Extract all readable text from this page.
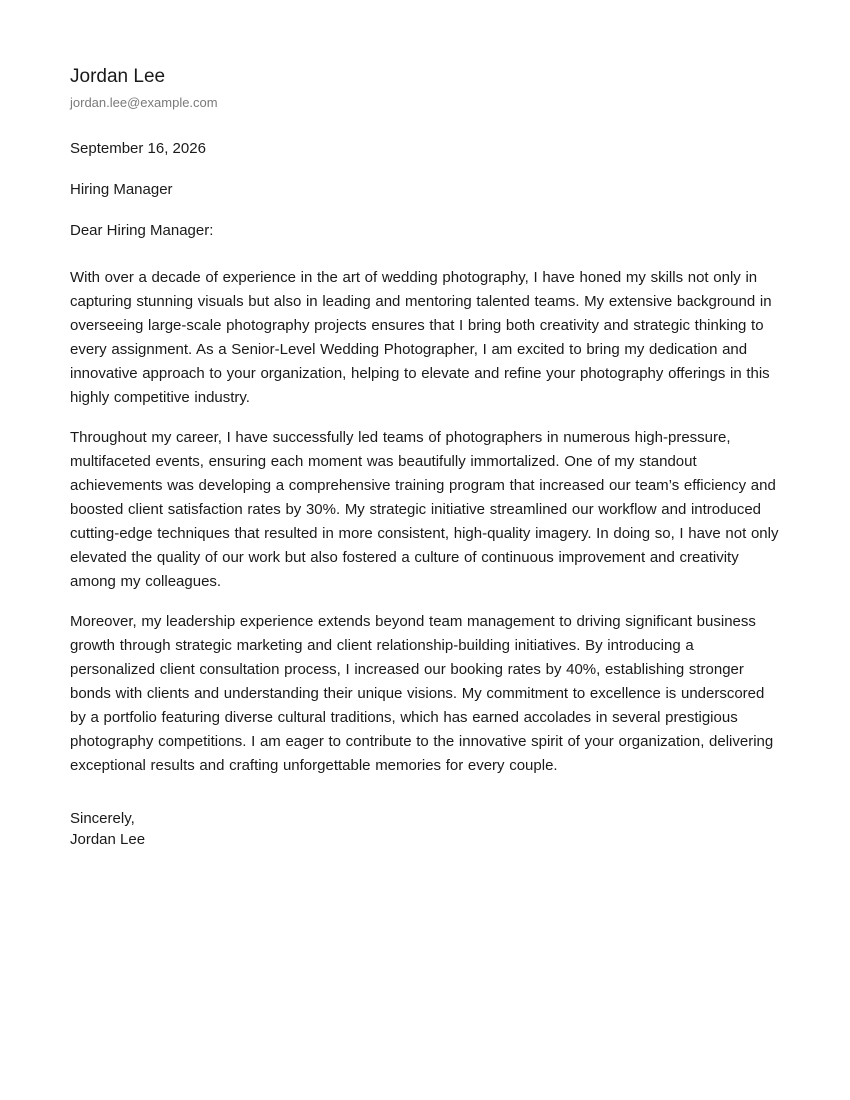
Jordan Lee
jordan.lee@example.com
September 16, 2026
Hiring Manager
Dear Hiring Manager:

With over a decade of experience in the art of wedding photography, I have honed my skills not only in capturing stunning visuals but also in leading and mentoring talented teams. My extensive background in overseeing large-scale photography projects ensures that I bring both creativity and strategic thinking to every assignment. As a Senior-Level Wedding Photographer, I am excited to bring my dedication and innovative approach to your organization, helping to elevate and refine your photography offerings in this highly competitive industry.

Throughout my career, I have successfully led teams of photographers in numerous high-pressure, multifaceted events, ensuring each moment was beautifully immortalized. One of my standout achievements was developing a comprehensive training program that increased our team’s efficiency and boosted client satisfaction rates by 30%. My strategic initiative streamlined our workflow and introduced cutting-edge techniques that resulted in more consistent, high-quality imagery. In doing so, I have not only elevated the quality of our work but also fostered a culture of continuous improvement and creativity among my colleagues.

Moreover, my leadership experience extends beyond team management to driving significant business growth through strategic marketing and client relationship-building initiatives. By introducing a personalized client consultation process, I increased our booking rates by 40%, establishing stronger bonds with clients and understanding their unique visions. My commitment to excellence is underscored by a portfolio featuring diverse cultural traditions, which has earned accolades in several prestigious photography competitions. I am eager to contribute to the innovative spirit of your organization, delivering exceptional results and crafting unforgettable memories for every couple.

Sincerely,
Jordan Lee
